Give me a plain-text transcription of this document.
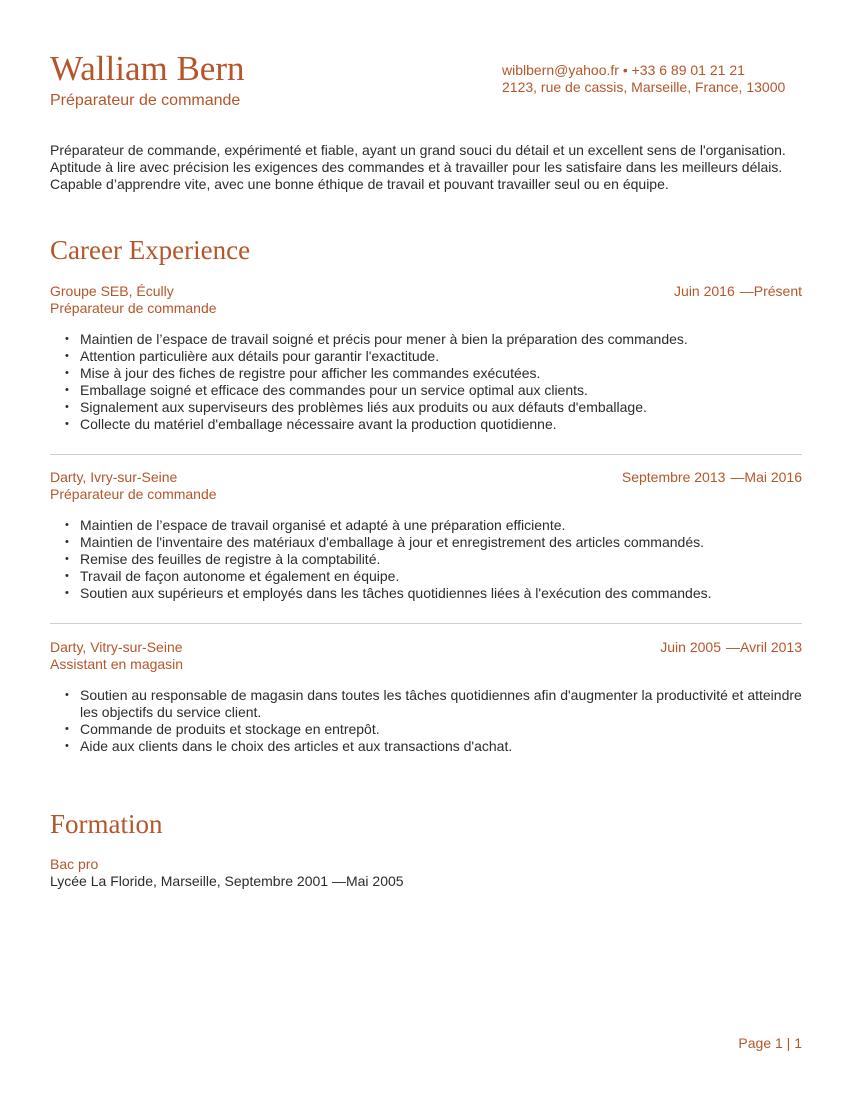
Walliam Bern
Préparateur de commande
wiblbern@yahoo.fr • +33 6 89 01 21 21
2123, rue de cassis, Marseille, France, 13000
Préparateur de commande, expérimenté et fiable, ayant un grand souci du détail et un excellent sens de l'organisation.
Aptitude à lire avec précision les exigences des commandes et à travailler pour les satisfaire dans les meilleurs délais.
Capable d’apprendre vite, avec une bonne éthique de travail et pouvant travailler seul ou en équipe.
Career Experience
Groupe SEB, Écully
Préparateur de commande
Juin 2016 —Présent
• Maintien de l’espace de travail soigné et précis pour mener à bien la préparation des commandes.
• Attention particulière aux détails pour garantir l'exactitude.
• Mise à jour des fiches de registre pour afficher les commandes exécutées.
• Emballage soigné et efficace des commandes pour un service optimal aux clients.
• Signalement aux superviseurs des problèmes liés aux produits ou aux défauts d'emballage.
• Collecte du matériel d'emballage nécessaire avant la production quotidienne.
Darty, Ivry-sur-Seine
Préparateur de commande
Septembre 2013 —Mai 2016
• Maintien de l’espace de travail organisé et adapté à une préparation efficiente.
• Maintien de l'inventaire des matériaux d'emballage à jour et enregistrement des articles commandés.
• Remise des feuilles de registre à la comptabilité.
• Travail de façon autonome et également en équipe.
• Soutien aux supérieurs et employés dans les tâches quotidiennes liées à l'exécution des commandes.
Darty, Vitry-sur-Seine
Assistant en magasin
Juin 2005 —Avril 2013
• Soutien au responsable de magasin dans toutes les tâches quotidiennes afin d'augmenter la productivité et atteindre
les objectifs du service client.
• Commande de produits et stockage en entrepôt.
• Aide aux clients dans le choix des articles et aux transactions d'achat.
Formation
Bac pro
Lycée La Floride, Marseille, Septembre 2001 —Mai 2005
Page 1 | 1
